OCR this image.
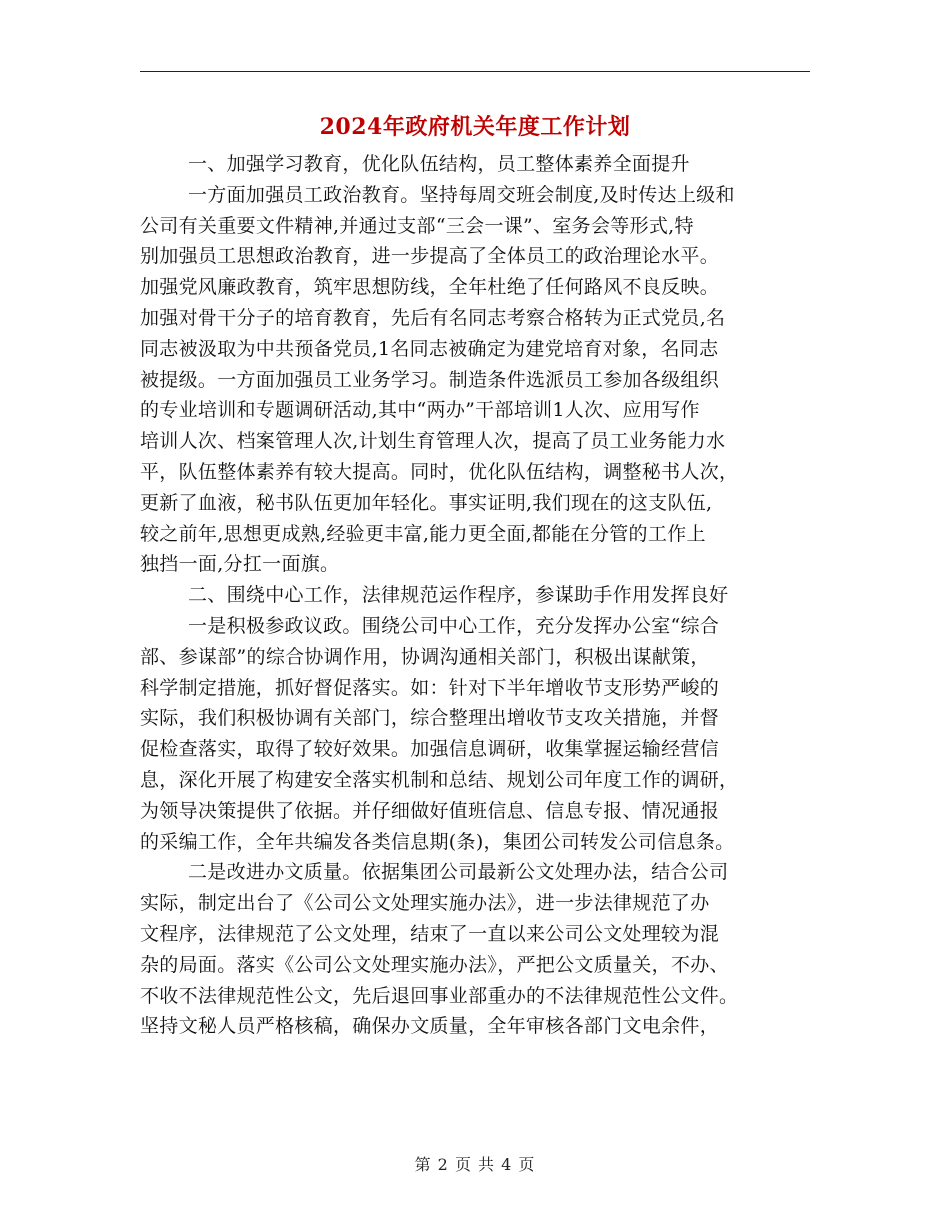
2024年政府机关年度工作计划
一、加强学习教育，优化队伍结构，员工整体素养全面提升
一方面加强员工政治教育。坚持每周交班会制度,及时传达上级和
公司有关重要文件精神,并通过支部“三会一课”、室务会等形式,特
别加强员工思想政治教育，进一步提高了全体员工的政治理论水平。
加强党风廉政教育，筑牢思想防线，全年杜绝了任何路风不良反映。
加强对骨干分子的培育教育，先后有名同志考察合格转为正式党员,名
同志被汲取为中共预备党员,1名同志被确定为建党培育对象，名同志
被提级。一方面加强员工业务学习。制造条件选派员工参加各级组织
的专业培训和专题调研活动,其中“两办”干部培训1人次、应用写作
培训人次、档案管理人次,计划生育管理人次，提高了员工业务能力水
平，队伍整体素养有较大提高。同时，优化队伍结构，调整秘书人次，
更新了血液，秘书队伍更加年轻化。事实证明,我们现在的这支队伍,
较之前年,思想更成熟,经验更丰富,能力更全面,都能在分管的工作上
独挡一面,分扛一面旗。
二、围绕中心工作，法律规范运作程序，参谋助手作用发挥良好
一是积极参政议政。围绕公司中心工作，充分发挥办公室“综合
部、参谋部”的综合协调作用，协调沟通相关部门，积极出谋献策，
科学制定措施，抓好督促落实。如：针对下半年增收节支形势严峻的
实际，我们积极协调有关部门，综合整理出增收节支攻关措施，并督
促检查落实，取得了较好效果。加强信息调研，收集掌握运输经营信
息，深化开展了构建安全落实机制和总结、规划公司年度工作的调研，
为领导决策提供了依据。并仔细做好值班信息、信息专报、情况通报
的采编工作，全年共编发各类信息期(条)，集团公司转发公司信息条。
二是改进办文质量。依据集团公司最新公文处理办法，结合公司
实际，制定出台了《公司公文处理实施办法》，进一步法律规范了办
文程序，法律规范了公文处理，结束了一直以来公司公文处理较为混
杂的局面。落实《公司公文处理实施办法》，严把公文质量关，不办、
不收不法律规范性公文，先后退回事业部重办的不法律规范性公文件。
坚持文秘人员严格核稿，确保办文质量，全年审核各部门文电余件，
第 2 页 共 4 页
